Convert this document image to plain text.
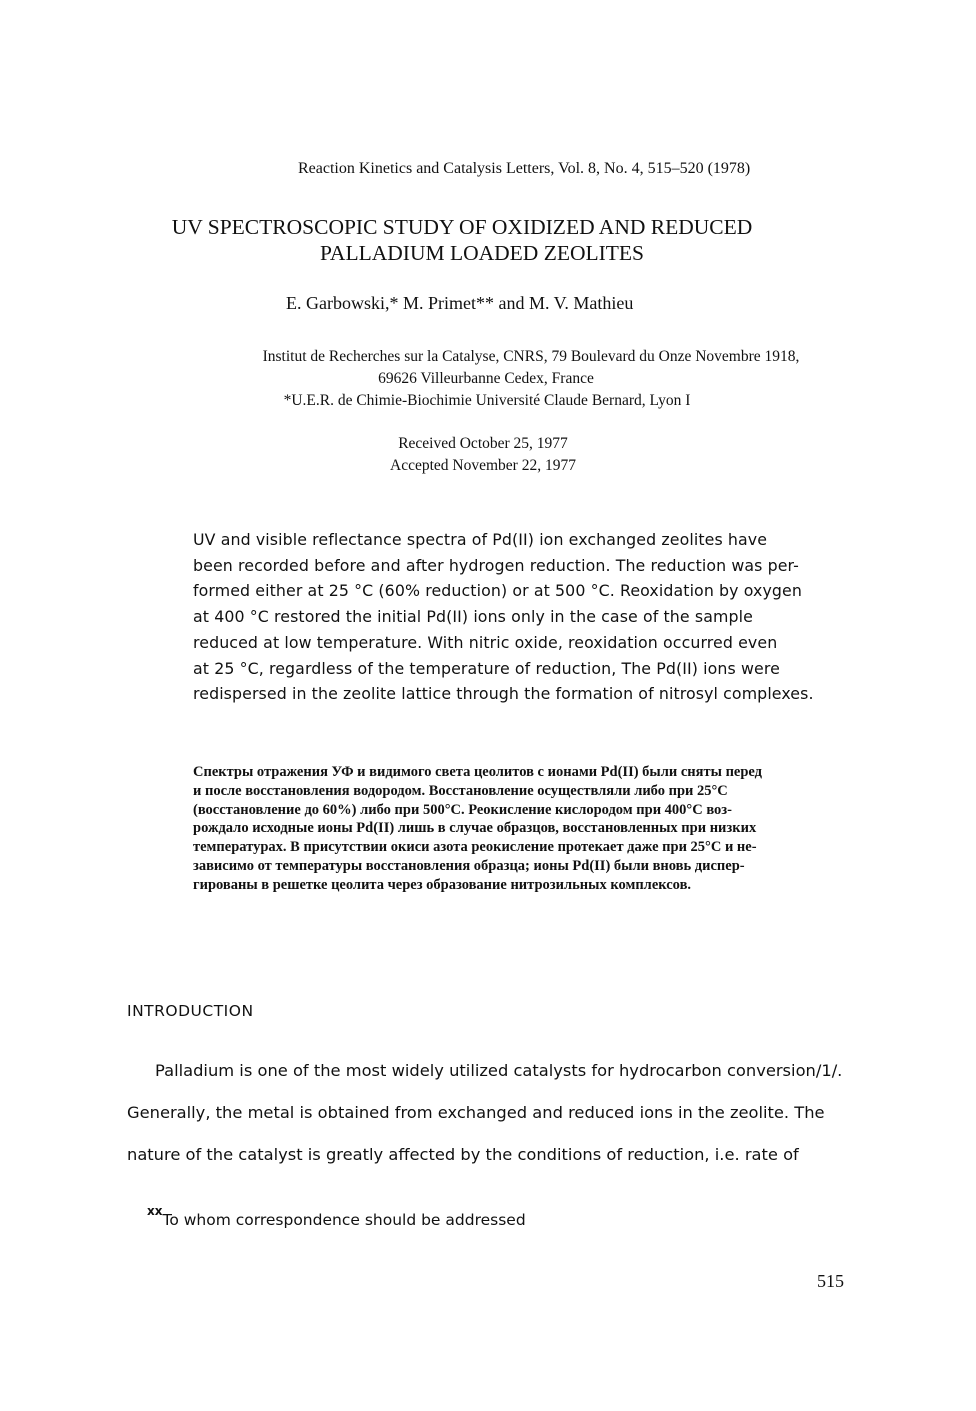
Reaction Kinetics and Catalysis Letters, Vol. 8, No. 4, 515–520 (1978)
UV SPECTROSCOPIC STUDY OF OXIDIZED AND REDUCED
PALLADIUM LOADED ZEOLITES
E. Garbowski,* M. Primet** and M. V. Mathieu
Institut de Recherches sur la Catalyse, CNRS, 79 Boulevard du Onze Novembre 1918,
69626 Villeurbanne Cedex, France
*U.E.R. de Chimie-Biochimie Université Claude Bernard, Lyon I
Received October 25, 1977
Accepted November 22, 1977
UV and visible reflectance spectra of Pd(II) ion exchanged zeolites have
been recorded before and after hydrogen reduction. The reduction was per-
formed either at 25 °C (60% reduction) or at 500 °C. Reoxidation by oxygen
at 400 °C restored the initial Pd(II) ions only in the case of the sample
reduced at low temperature. With nitric oxide, reoxidation occurred even
at 25 °C, regardless of the temperature of reduction, The Pd(II) ions were
redispersed in the zeolite lattice through the formation of nitrosyl complexes.
Спектры отражения УФ и видимого света цеолитов с ионами Pd(II) были сняты перед
и после восстановления водородом. Восстановление осуществляли либо при 25°C
(восстановление до 60%) либо при 500°C. Реокисление кислородом при 400°C воз-
рождало исходные ионы Pd(II) лишь в случае образцов, восстановленных при низких
температурах. В присутствии окиси азота реокисление протекает даже при 25°C и не-
зависимо от температуры восстановления образца; ионы Pd(II) были вновь диспер-
гированы в решетке цеолита через образование нитрозильных комплексов.
INTRODUCTION
Palladium is one of the most widely utilized catalysts for hydrocarbon conversion/1/.
Generally, the metal is obtained from exchanged and reduced ions in the zeolite. The
nature of the catalyst is greatly affected by the conditions of reduction, i.e. rate of
$^{xx}$To whom correspondence should be addressed
515
